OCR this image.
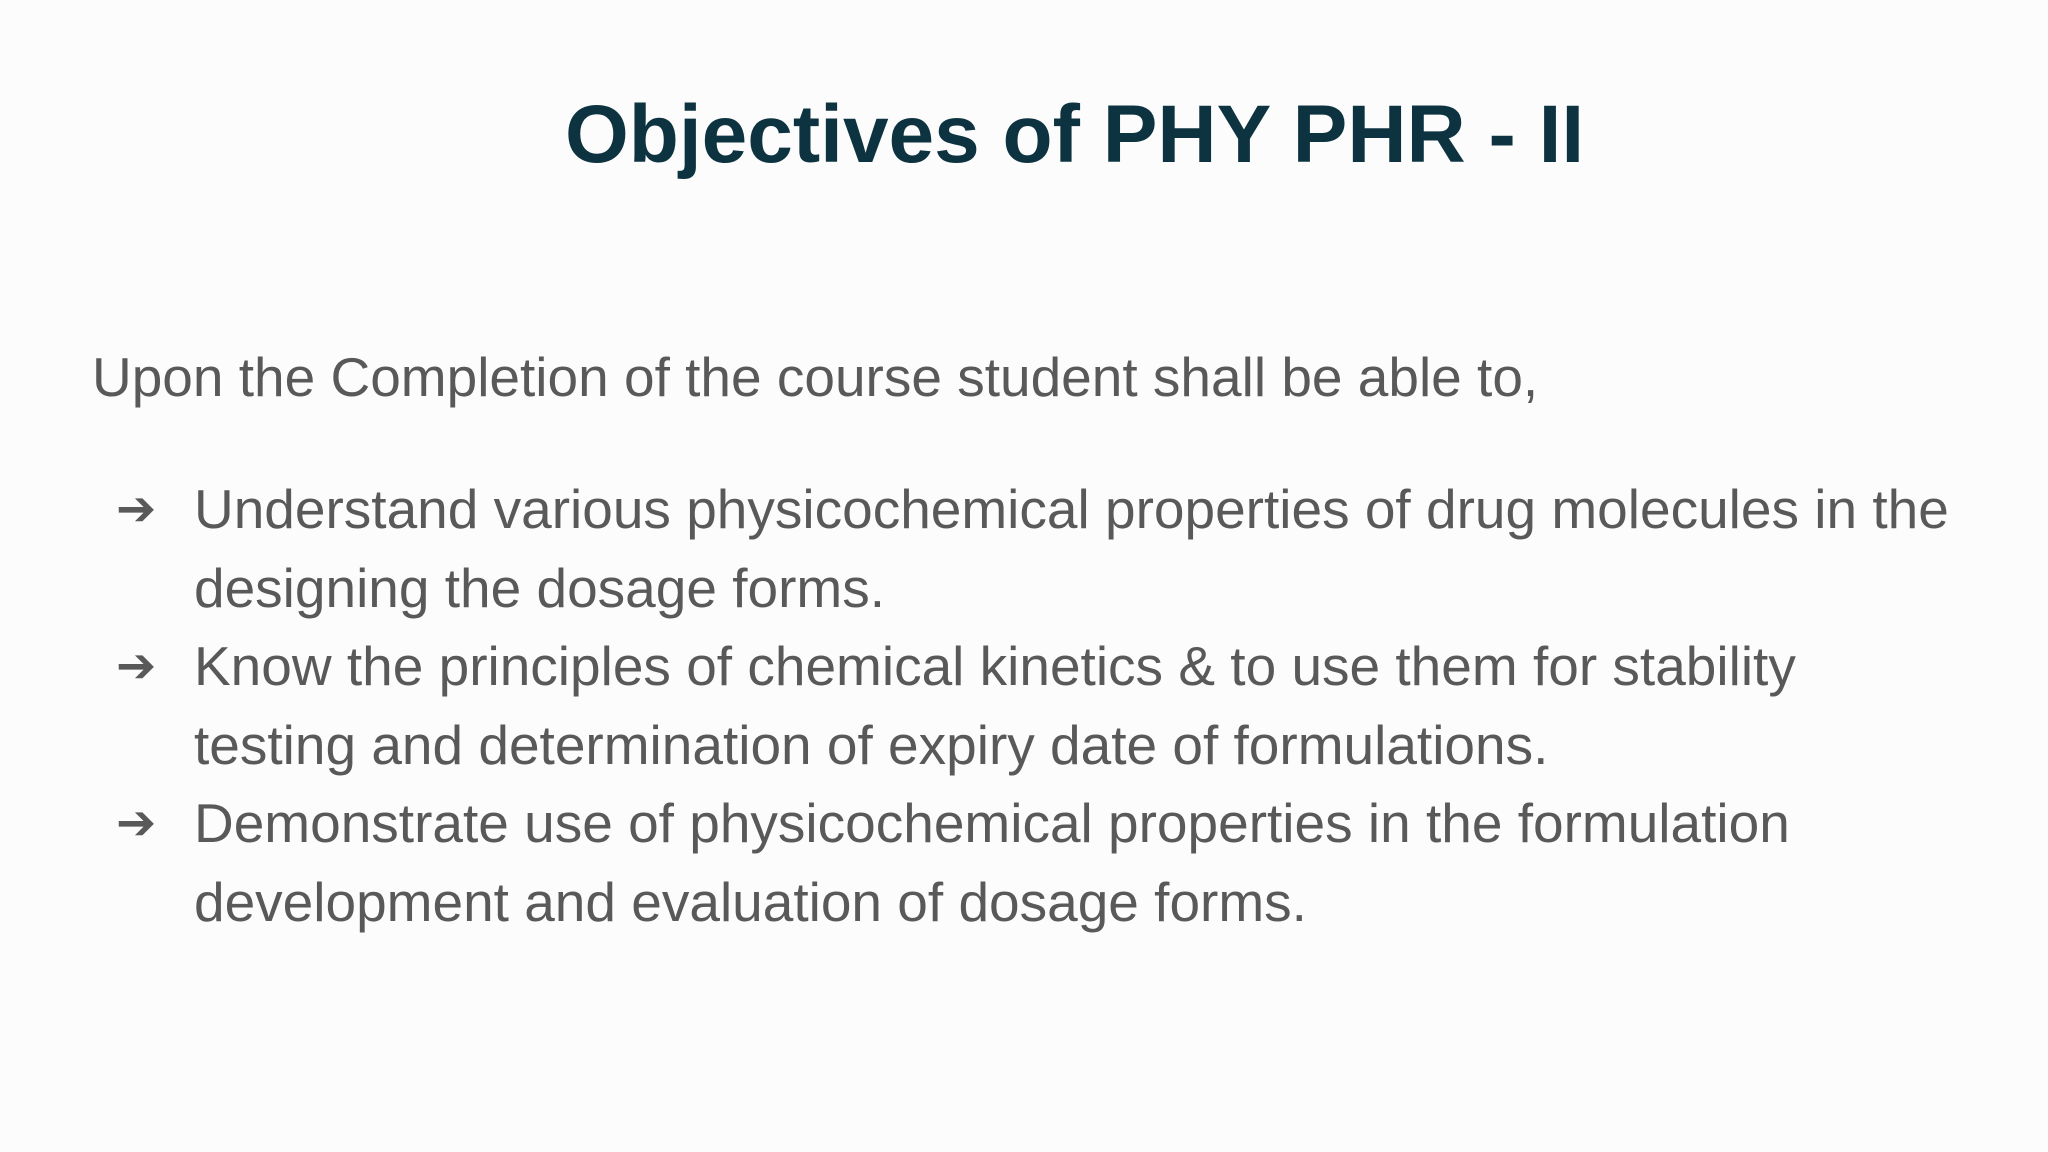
Objectives of PHY PHR - II

Upon the Completion of the course student shall be able to,

➔ Understand various physicochemical properties of drug molecules in the designing the dosage forms.
➔ Know the principles of chemical kinetics & to use them for stability testing and determination of expiry date of formulations.
➔ Demonstrate use of physicochemical properties in the formulation development and evaluation of dosage forms.
